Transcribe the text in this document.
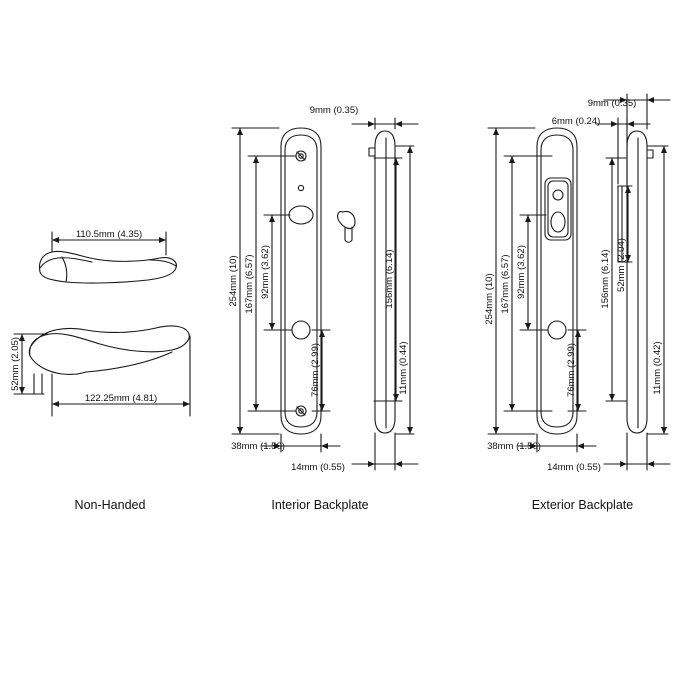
110.5mm (4.35)
122.25mm (4.81)
52mm (2.05)
9mm (0.35)
254mm (10) 167mm (6.57) 92mm (3.62)
76mm (2.99)
156mm (6.14)
11mm (0.44)
38mm (1.50)
14mm (0.55)
9mm (0.35)
6mm (0.24)
254mm (10) 167mm (6.57) 92mm (3.62)	156mm (6.14) 52mm (2.04)
76mm (2.99)	11mm (0.42)
38mm (1.50)
14mm (0.55)
Non-Handed	Interior Backplate	Exterior Backplate
